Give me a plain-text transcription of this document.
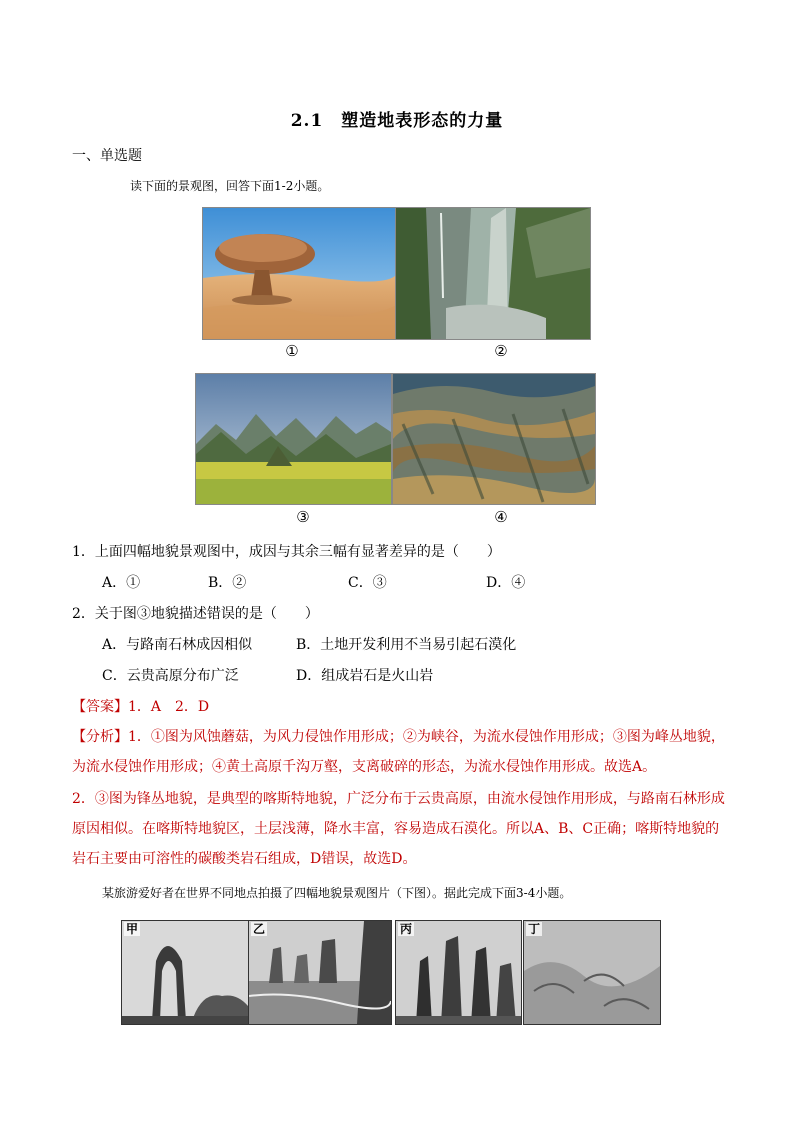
2.1　塑造地表形态的力量
一、单选题
读下面的景观图，回答下面1-2小题。
①	②
③	④
1．上面四幅地貌景观图中，成因与其余三幅有显著差异的是（　　）
A．①	B．②	C．③	D．④
2．关于图③地貌描述错误的是（　　）
A．与路南石林成因相似	B．土地开发利用不当易引起石漠化
C．云贵高原分布广泛	D．组成岩石是火山岩
【答案】1．A　2．D
【分析】1．①图为风蚀蘑菇，为风力侵蚀作用形成；②为峡谷，为流水侵蚀作用形成；③图为峰丛地貌，为流水侵蚀作用形成；④黄土高原千沟万壑，支离破碎的形态，为流水侵蚀作用形成。故选A。
2．③图为锋丛地貌，是典型的喀斯特地貌，广泛分布于云贵高原，由流水侵蚀作用形成，与路南石林形成原因相似。在喀斯特地貌区，土层浅薄，降水丰富，容易造成石漠化。所以A、B、C正确；喀斯特地貌的岩石主要由可溶性的碳酸类岩石组成，D错误，故选D。
某旅游爱好者在世界不同地点拍摄了四幅地貌景观图片（下图）。据此完成下面3-4小题。
甲	乙	丙	丁
